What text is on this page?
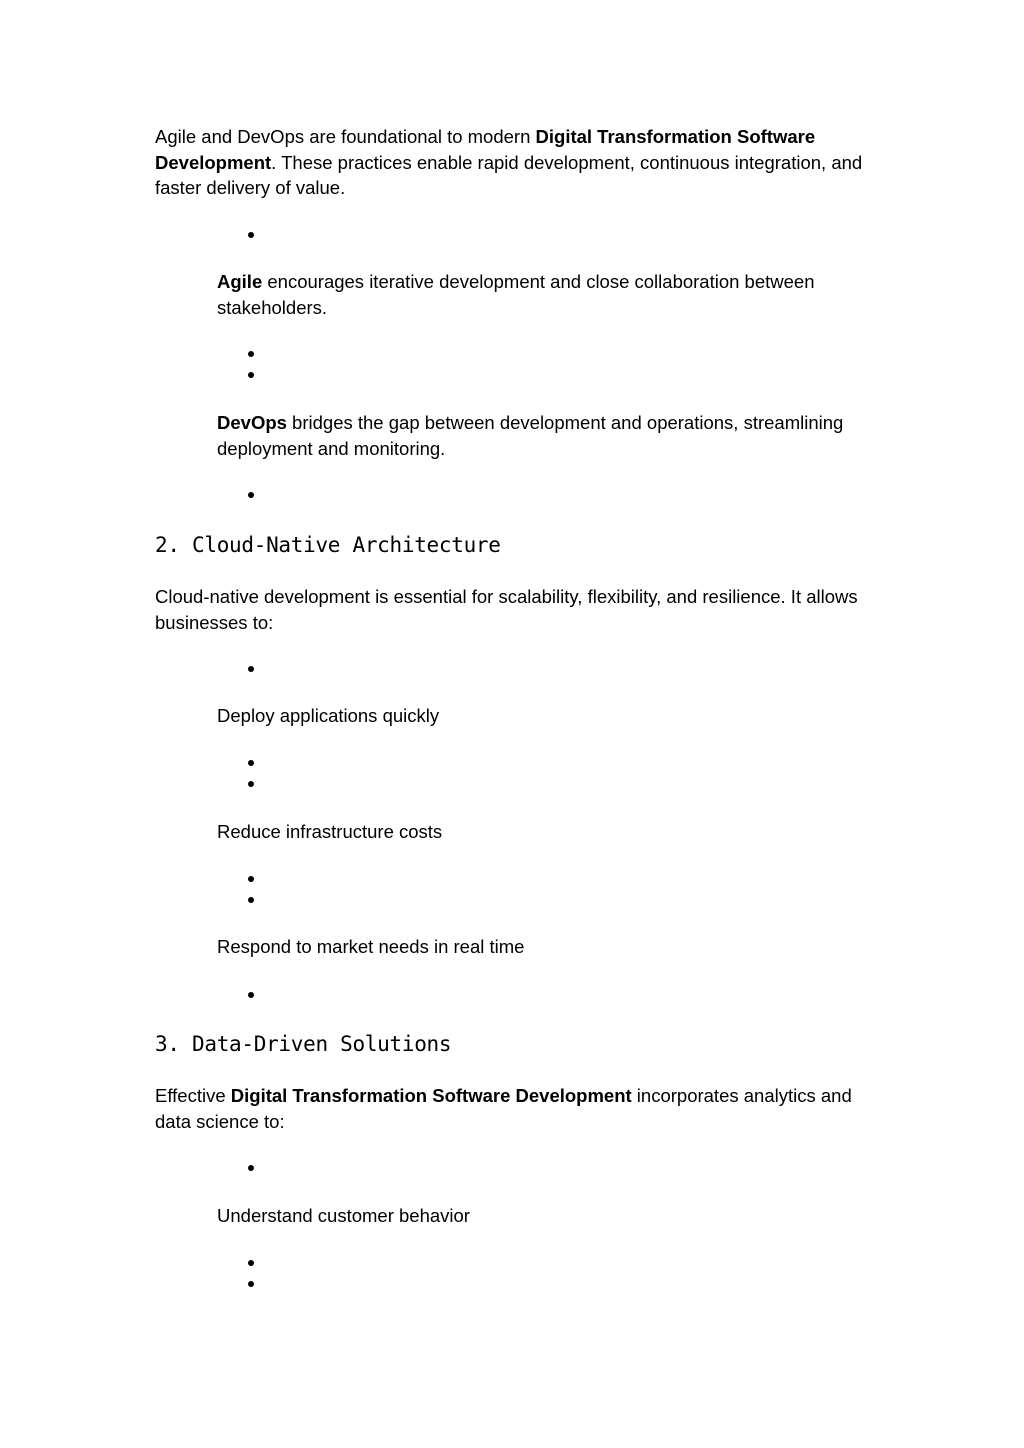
Agile and DevOps are foundational to modern Digital Transformation Software Development. These practices enable rapid development, continuous integration, and faster delivery of value.

Agile encourages iterative development and close collaboration between stakeholders.

DevOps bridges the gap between development and operations, streamlining deployment and monitoring.

2. Cloud-Native Architecture

Cloud-native development is essential for scalability, flexibility, and resilience. It allows businesses to:

Deploy applications quickly

Reduce infrastructure costs

Respond to market needs in real time

3. Data-Driven Solutions

Effective Digital Transformation Software Development incorporates analytics and data science to:

Understand customer behavior
